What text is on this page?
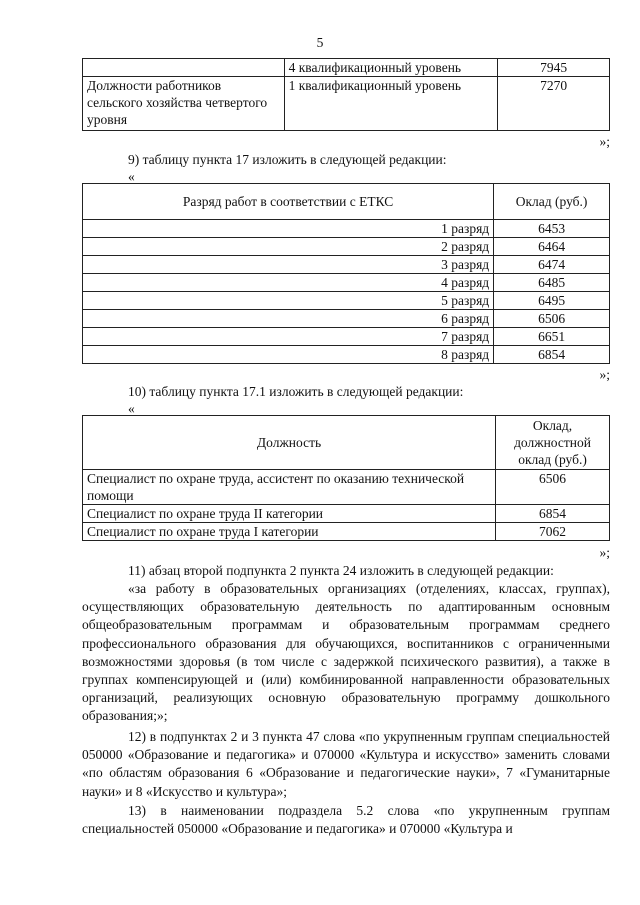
5
	4 квалификационный уровень	7945
Должности работников сельского хозяйства четвертого уровня	1 квалификационный уровень	7270
»;
9) таблицу пункта 17 изложить в следующей редакции:
«
Разряд работ в соответствии с ЕТКС	Оклад (руб.)
1 разряд	6453
2 разряд	6464
3 разряд	6474
4 разряд	6485
5 разряд	6495
6 разряд	6506
7 разряд	6651
8 разряд	6854
»;
10) таблицу пункта 17.1 изложить в следующей редакции:
«
Должность	Оклад, должностной оклад (руб.)
Специалист по охране труда, ассистент по оказанию технической помощи	6506
Специалист по охране труда II категории	6854
Специалист по охране труда I категории	7062
»;
11) абзац второй подпункта 2 пункта 24 изложить в следующей редакции:
«за работу в образовательных организациях (отделениях, классах, группах), осуществляющих образовательную деятельность по адаптированным основным общеобразовательным программам и образовательным программам среднего профессионального образования для обучающихся, воспитанников с ограниченными возможностями здоровья (в том числе с задержкой психического развития), а также в группах компенсирующей и (или) комбинированной направленности образовательных организаций, реализующих основную образовательную программу дошкольного образования;»;
12) в подпунктах 2 и 3 пункта 47 слова «по укрупненным группам специальностей 050000 «Образование и педагогика» и 070000 «Культура и искусство» заменить словами «по областям образования 6 «Образование и педагогические науки», 7 «Гуманитарные науки» и 8 «Искусство и культура»;
13) в наименовании подраздела 5.2 слова «по укрупненным группам специальностей 050000 «Образование и педагогика» и 070000 «Культура и
